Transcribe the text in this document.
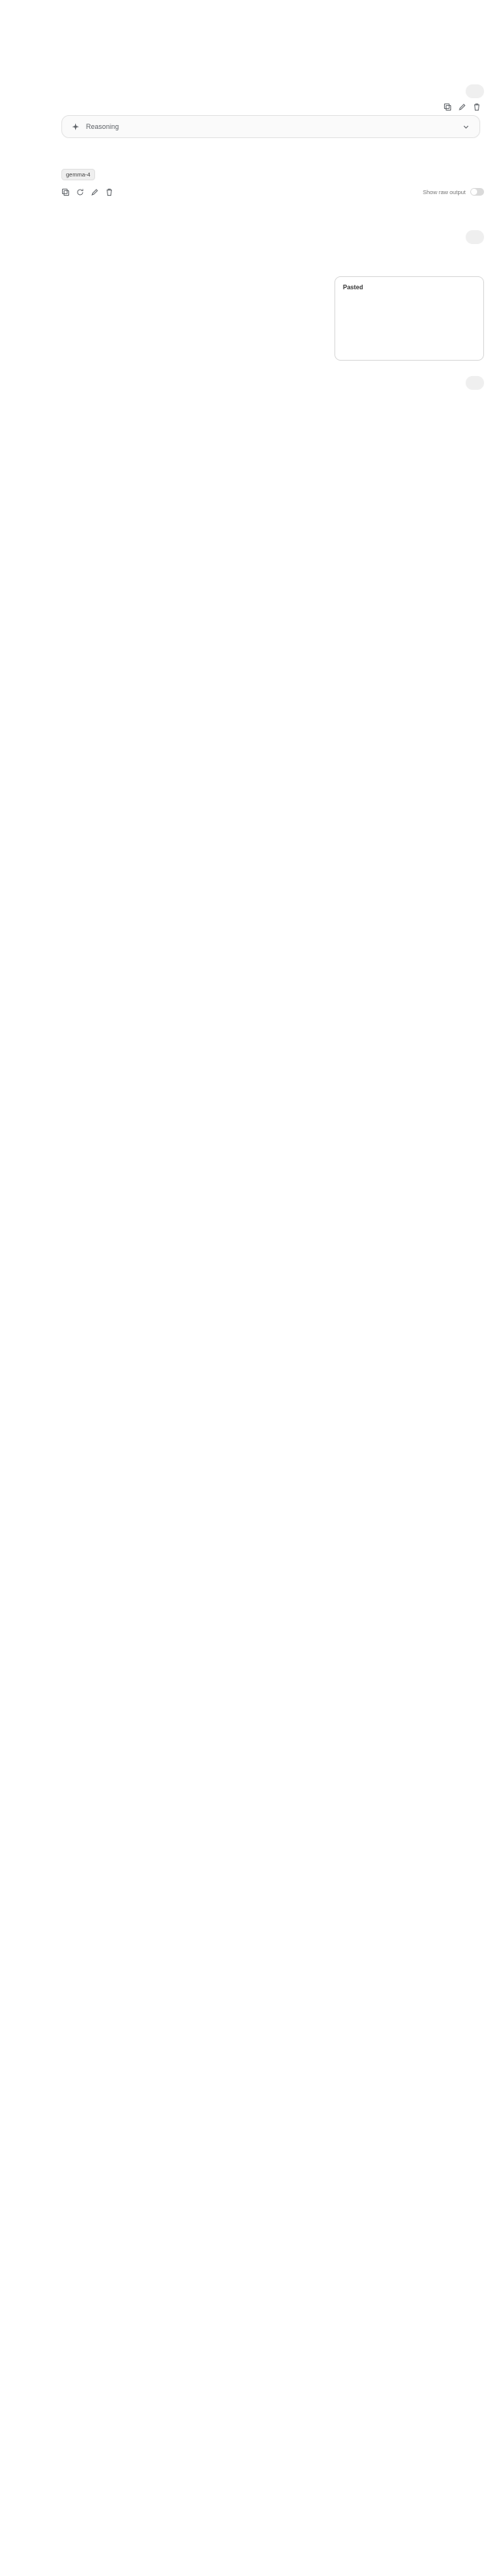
Reasoning

gemma-4
Show raw output

Pasted
